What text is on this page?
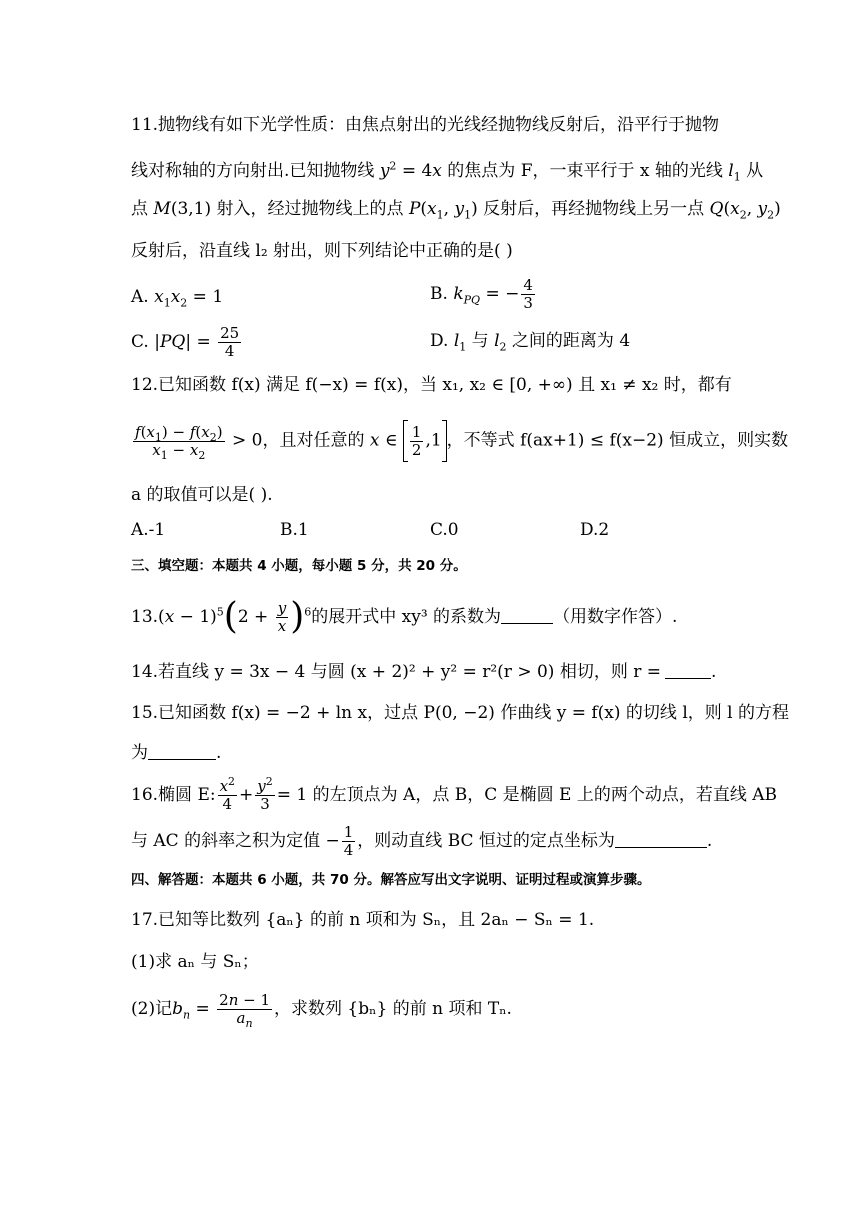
11.抛物线有如下光学性质：由焦点射出的光线经抛物线反射后，沿平行于抛物
线对称轴的方向射出.已知抛物线 $y^2 = 4x$ 的焦点为 F，一束平行于 x 轴的光线 $l_1$ 从
点 M(3,1) 射入，经过抛物线上的点 $P(x_1$, $y_1$) 反射后，再经抛物线上另一点 $Q(x_2$, $y_2$)
反射后，沿直线 l₂ 射出，则下列结论中正确的是( )
A. $x_1x_2 = 1$	B. $k_{PQ}$ = − $\frac{4}{3}$
C. $|PQ| = \frac{25}{4}$	D. $l_1$ 与 $l_2$ 之间的距离为 4
12.已知函数 f(x) 满足 f(−x) = f(x)，当 x₁, x₂ ∈ [0, +∞) 且 x₁ ≠ x₂ 时，都有
$\frac{f(x_1) - f(x_2)}{x_1 - x_2} > 0$，且对任意的 x ∈ $\frac{1}{2} ,1$ ，不等式 f(ax+1) ≤ f(x−2) 恒成立，则实数
a 的取值可以是( ).
A.-1	B.1	C.0	D.2
三、填空题：本题共 4 小题，每小题 5 分，共 20 分。
$13.(x - 1)^5(2 + \frac{y}{x} )^6$的展开式中 xy³ 的系数为	（用数字作答）.
14.若直线 y = 3x − 4 与圆 (x + 2)² + y² = r²(r > 0) 相切，则 r =	.
15.已知函数 f(x) = −2 + ln x，过点 P(0, −2) 作曲线 y = f(x) 的切线 l，则 l 的方程
为	.
16.椭圆 E: $\frac{x^2}{4} + \frac{y^2}{3} = 1$ 的左顶点为 A，点 B，C 是椭圆 E 上的两个动点，若直线 AB
与 AC 的斜率之积为定值 − $\frac{1}{4}$ ，则动直线 BC 恒过的定点坐标为	.
四、解答题：本题共 6 小题，共 70 分。解答应写出文字说明、证明过程或演算步骤。
17.已知等比数列 {aₙ} 的前 n 项和为 Sₙ，且 2aₙ − Sₙ = 1.
(1)求 aₙ 与 Sₙ；
(2)记$b_n = \frac{2n - 1}{a_n}$ ，求数列 {bₙ} 的前 n 项和 Tₙ.
